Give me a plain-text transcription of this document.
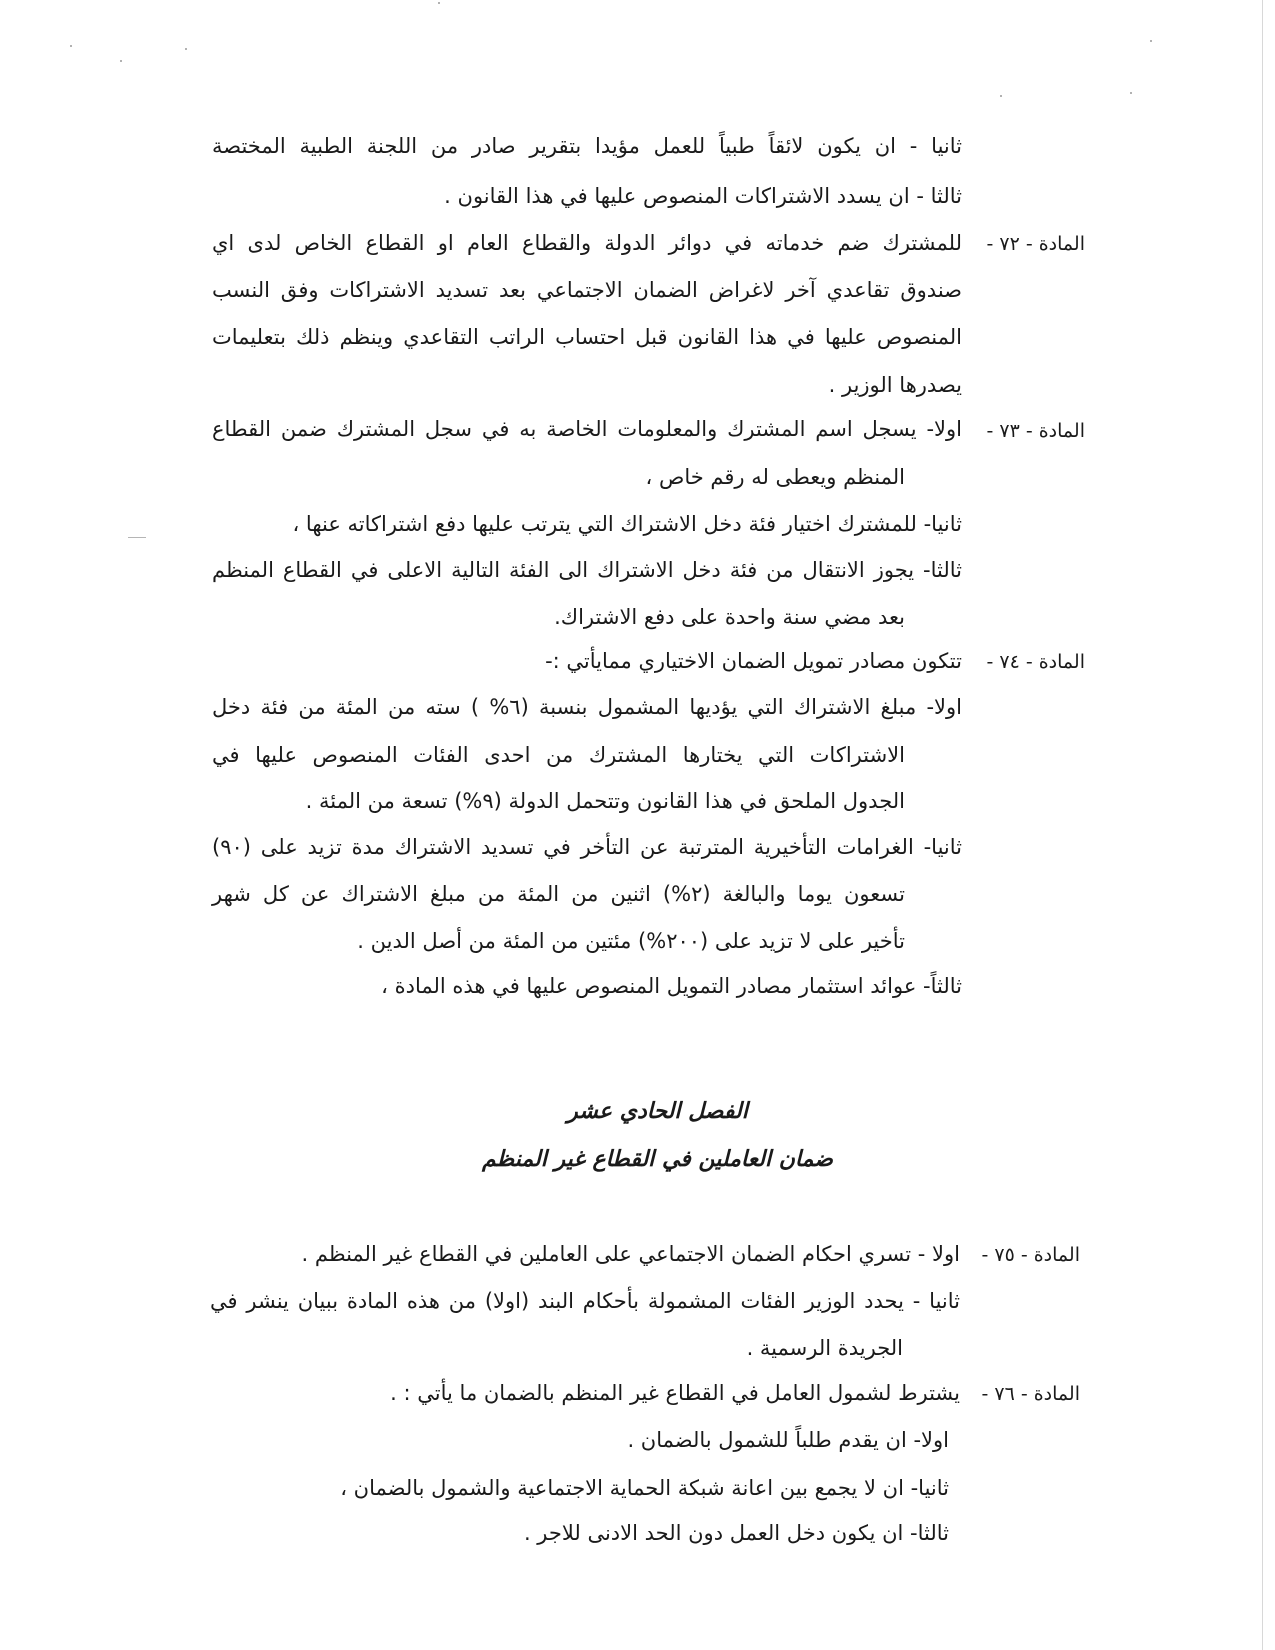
ثانيا - ان يكون لائقاً طبياً للعمل مؤيدا بتقرير صادر من اللجنة الطبية المختصة
ثالثا - ان يسدد الاشتراكات المنصوص عليها في هذا القانون .
المادة - ٧٢ -
للمشترك ضم خدماته في دوائر الدولة والقطاع العام او القطاع الخاص لدى اي
صندوق تقاعدي آخر لاغراض الضمان الاجتماعي بعد تسديد الاشتراكات وفق النسب
المنصوص عليها في هذا القانون قبل احتساب الراتب التقاعدي وينظم ذلك بتعليمات
يصدرها الوزير .
المادة - ٧٣ -
اولا- يسجل اسم المشترك والمعلومات الخاصة به في سجل المشترك ضمن القطاع
المنظم ويعطى له رقم خاص ،
ثانيا- للمشترك اختيار فئة دخل الاشتراك التي يترتب عليها دفع اشتراكاته عنها ،
ثالثا- يجوز الانتقال من فئة دخل الاشتراك الى الفئة التالية الاعلى في القطاع المنظم
بعد مضي سنة واحدة على دفع الاشتراك.
المادة - ٧٤ -
تتكون مصادر تمويل الضمان الاختياري ممايأتي :-
اولا- مبلغ الاشتراك التي يؤديها المشمول بنسبة (٦% ) سته من المئة من فئة دخل
الاشتراكات التي يختارها المشترك من احدى الفئات المنصوص عليها في
الجدول الملحق في هذا القانون وتتحمل الدولة (٩%) تسعة من المئة .
ثانيا- الغرامات التأخيرية المترتبة عن التأخر في تسديد الاشتراك مدة تزيد على (٩٠)
تسعون يوما والبالغة (٢%) اثنين من المئة من مبلغ الاشتراك عن كل شهر
تأخير على لا تزيد على (٢٠٠%) مئتين من المئة من أصل الدين .
ثالثاً- عوائد استثمار مصادر التمويل المنصوص عليها في هذه المادة ،
الفصل الحادي عشر
ضمان العاملين في القطاع غير المنظم
المادة - ٧٥ -
اولا - تسري احكام الضمان الاجتماعي على العاملين في القطاع غير المنظم .
ثانيا - يحدد الوزير الفئات المشمولة بأحكام البند (اولا) من هذه المادة ببيان ينشر في
الجريدة الرسمية .
المادة - ٧٦ -
يشترط لشمول العامل في القطاع غير المنظم بالضمان ما يأتي : .
اولا- ان يقدم طلباً للشمول بالضمان .
ثانيا- ان لا يجمع بين اعانة شبكة الحماية الاجتماعية والشمول بالضمان ،
ثالثا- ان يكون دخل العمل دون الحد الادنى للاجر .
